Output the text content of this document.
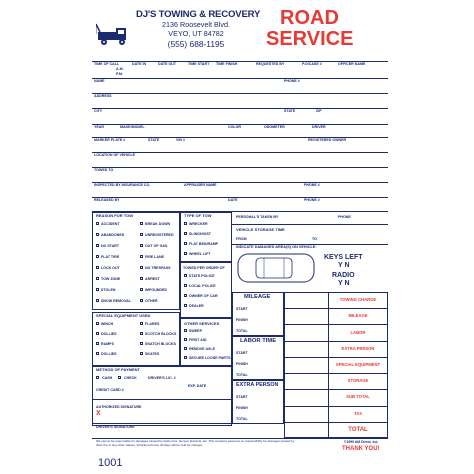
DJ'S TOWING & RECOVERY
2136 Roosevelt Blvd.
VEYO, UT 84782
(555) 688-1195
ROAD
SERVICE
TIME OF CALL	DATE IN	DATE OUT	TIME START TIME FINISH	REQUESTED BY	P.O/CASE #	OFFICER NAME
A.M.
P.M.
NAME	PHONE #
ADDRESS
CITY	STATE	ZIP
YEAR	MAKE/MODEL	COLOR	ODOMETER	DRIVER
MARKER PLATE #	STATE	VIN #	REGISTERED OWNER
LOCATION OF VEHICLE
TOWED TO
INSPECTED BY INSURANCE CO.	APPRAISER NAME	PHONE #
RELEASED BY	DATE	PHONE #
REASON FOR TOW	TYPE OF TOW
TOWED PER ORDER OF
SPECIAL EQUIPMENT USED
OTHER SERVICES
METHOD OF PAYMENT
CASH	CHECK	DRIVER'S LIC. #
CREDIT CARD #
EXP. DATE
AUTHORIZED SIGNATURE
X
DRIVER'S SIGNATURE
PERSONAL'S TAKEN BY	PHONE
VEHICLE STORAGE TIME
FROM	TO
INDICATE DAMAGED AREA(S) ON VEHICLE:
KEYS LEFT
Y N
RADIO
Y N
MILEAGE
START
FINISH
TOTAL
LABOR TIME
START
FINISH
TOTAL
EXTRA PERSON
START
FINISH
TOTAL
We cannot be responsible for damages caused by faulty tires, bumper brackets, etc. This company assumes no responsibility for damages caused by theft, fire or any other causes. Vehicles left over 30 days will be sold for charges.
©1999 AM Direct, Inc.
THANK YOU!
ACCIDENT	BREAK DOWN
ABANDONED	UNREGISTERED
NO START	OUT OF GAS
FLAT TIRE	FIRE LANE
LOCK OUT	NO TRESPASS
TOW ZONE	ARREST
STOLEN	IMPOUNDED
SNOW REMOVAL	OTHER
WRECKER
SLINGHOIST
FLAT BED/RAMP
WHEEL LIFT
STATE POLICE
LOCAL POLICE
OWNER OF CAR
DEALER
WINCH	FLARES
DOLLIES	SCOTCH BLOCKS
RAMPS	SNATCH BLOCKS
DOLLIES	SKATES
SWEEP
FIRST AID
REMOVE AXLE
SECURE LOOSE PARTS
TOWING CHARGE
MILEAGE
LABOR
EXTRA PERSON
SPECIAL EQUIPMENT
STORAGE
SUB TOTAL
TAX
TOTAL
1001
